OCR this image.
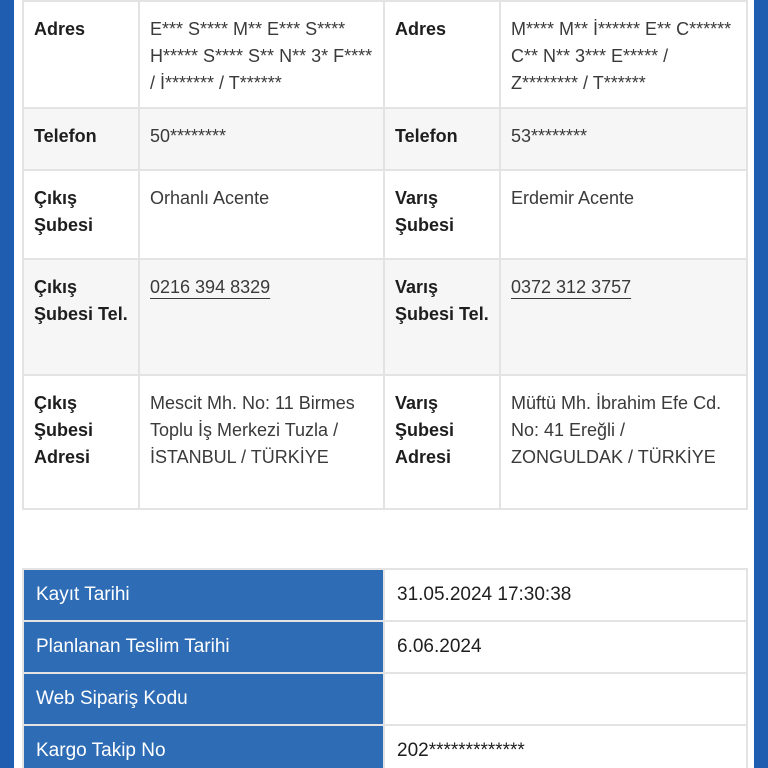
Adres	E*** S**** M** E*** S**** H***** S**** S** N** 3* F**** / İ******* / T******	Adres	M**** M** İ****** E** C****** C** N** 3*** E***** / Z******** / T******
Telefon	50********	Telefon	53********
Çıkış Şubesi	Orhanlı Acente	Varış Şubesi	Erdemir Acente
Çıkış Şubesi Tel.	0216 394 8329	Varış Şubesi Tel.	0372 312 3757
Çıkış Şubesi Adresi	Mescit Mh. No: 11 Birmes Toplu İş Merkezi Tuzla / İSTANBUL / TÜRKİYE	Varış Şubesi Adresi	Müftü Mh. İbrahim Efe Cd. No: 41 Ereğli / ZONGULDAK / TÜRKİYE
Kayıt Tarihi	31.05.2024 17:30:38
Planlanan Teslim Tarihi	6.06.2024
Web Sipariş Kodu	
Kargo Takip No	202*************
